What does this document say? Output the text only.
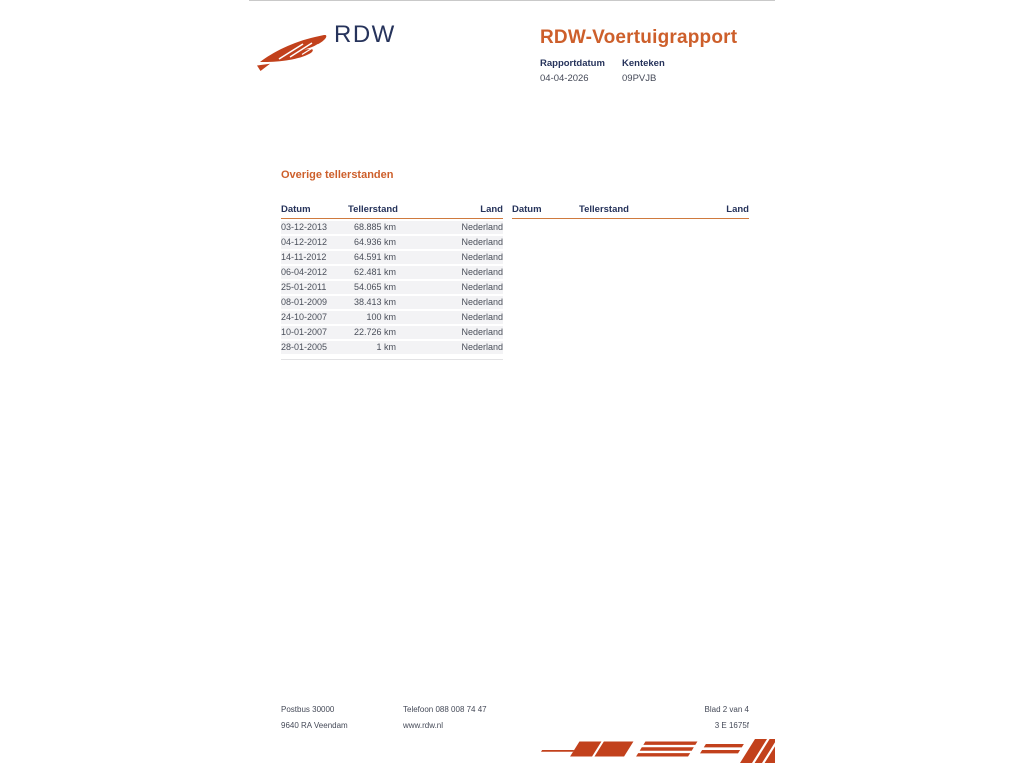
RDW	RDW-Voertuigrapport
Rapportdatum
04-04-2026
Kenteken
09PVJB
Overige tellerstanden
Datum	Tellerstand	Land
03-12-2013	68.885 km	Nederland
04-12-2012	64.936 km	Nederland
14-11-2012	64.591 km	Nederland
06-04-2012	62.481 km	Nederland
25-01-2011	54.065 km	Nederland
08-01-2009	38.413 km	Nederland
24-10-2007	100 km	Nederland
10-01-2007	22.726 km	Nederland
28-01-2005	1 km	Nederland
Datum	Tellerstand	Land
Postbus 30000
9640 RA Veendam
Telefoon 088 008 74 47
www.rdw.nl
Blad 2 van 4
3 E 1675f
